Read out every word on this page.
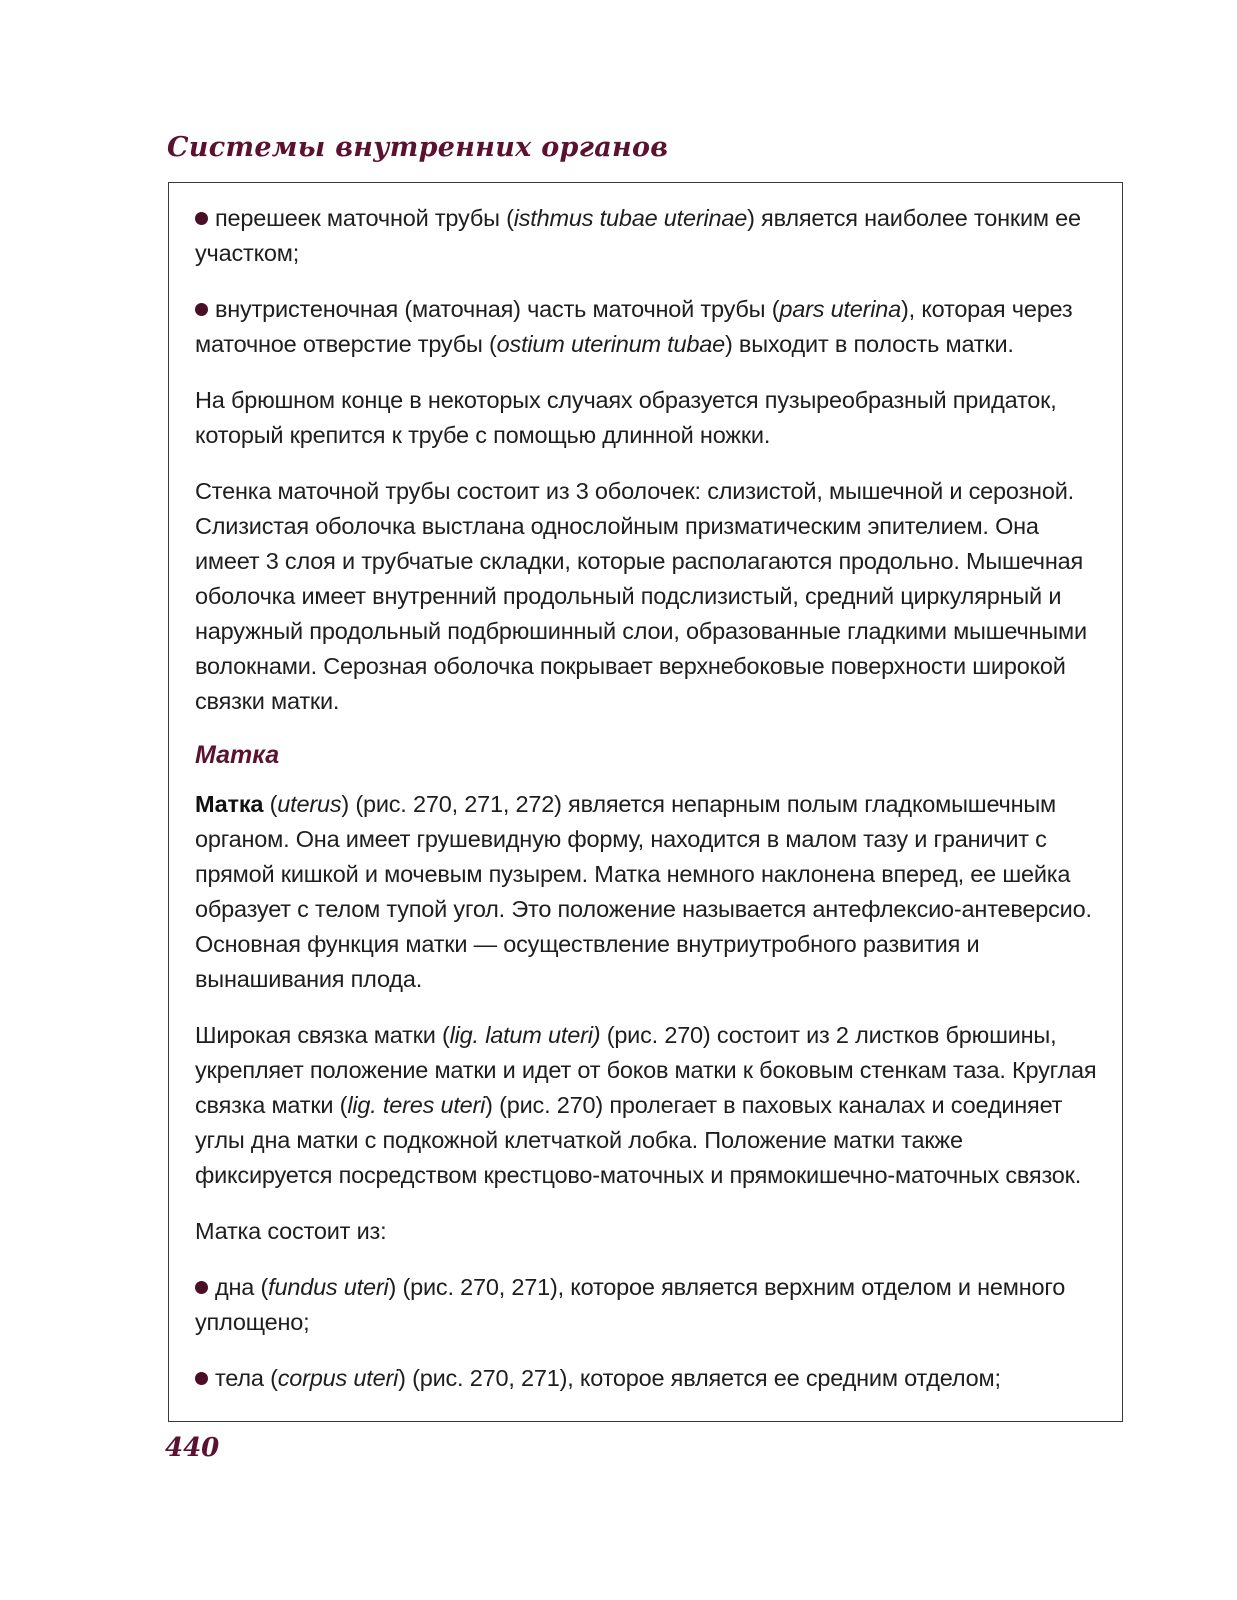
Системы внутренних органов

перешеек маточной трубы (isthmus tubae uterinae) является наиболее тонким ее участком;

внутристеночная (маточная) часть маточной трубы (pars uterina), которая через маточное отверстие трубы (ostium uterinum tubae) выходит в полость матки.

На брюшном конце в некоторых случаях образуется пузыреобразный придаток, который крепится к трубе с помощью длинной ножки.

Стенка маточной трубы состоит из 3 оболочек: слизистой, мышечной и серозной. Слизистая оболочка выстлана однослойным призматическим эпителием. Она имеет 3 слоя и трубчатые складки, которые располагаются продольно. Мышечная оболочка имеет внутренний продольный подслизистый, средний циркулярный и наружный продольный подбрюшинный слои, образованные гладкими мышечными волокнами. Серозная оболочка покрывает верхнебоковые поверхности широкой связки матки.

Матка

Матка (uterus) (рис. 270, 271, 272) является непарным полым гладкомышечным органом. Она имеет грушевидную форму, находится в малом тазу и граничит с прямой кишкой и мочевым пузырем. Матка немного наклонена вперед, ее шейка образует с телом тупой угол. Это положение называется антефлексио-антеверсио. Основная функция матки — осуществление внутриутробного развития и вынашивания плода.

Широкая связка матки (lig. latum uteri) (рис. 270) состоит из 2 листков брюшины, укрепляет положение матки и идет от боков матки к боковым стенкам таза. Круглая связка матки (lig. teres uteri) (рис. 270) пролегает в паховых каналах и соединяет углы дна матки с подкожной клетчаткой лобка. Положение матки также фиксируется посредством крестцово-маточных и прямокишечно-маточных связок.

Матка состоит из:

дна (fundus uteri) (рис. 270, 271), которое является верхним отделом и немного уплощено;

тела (corpus uteri) (рис. 270, 271), которое является ее средним отделом;

440
